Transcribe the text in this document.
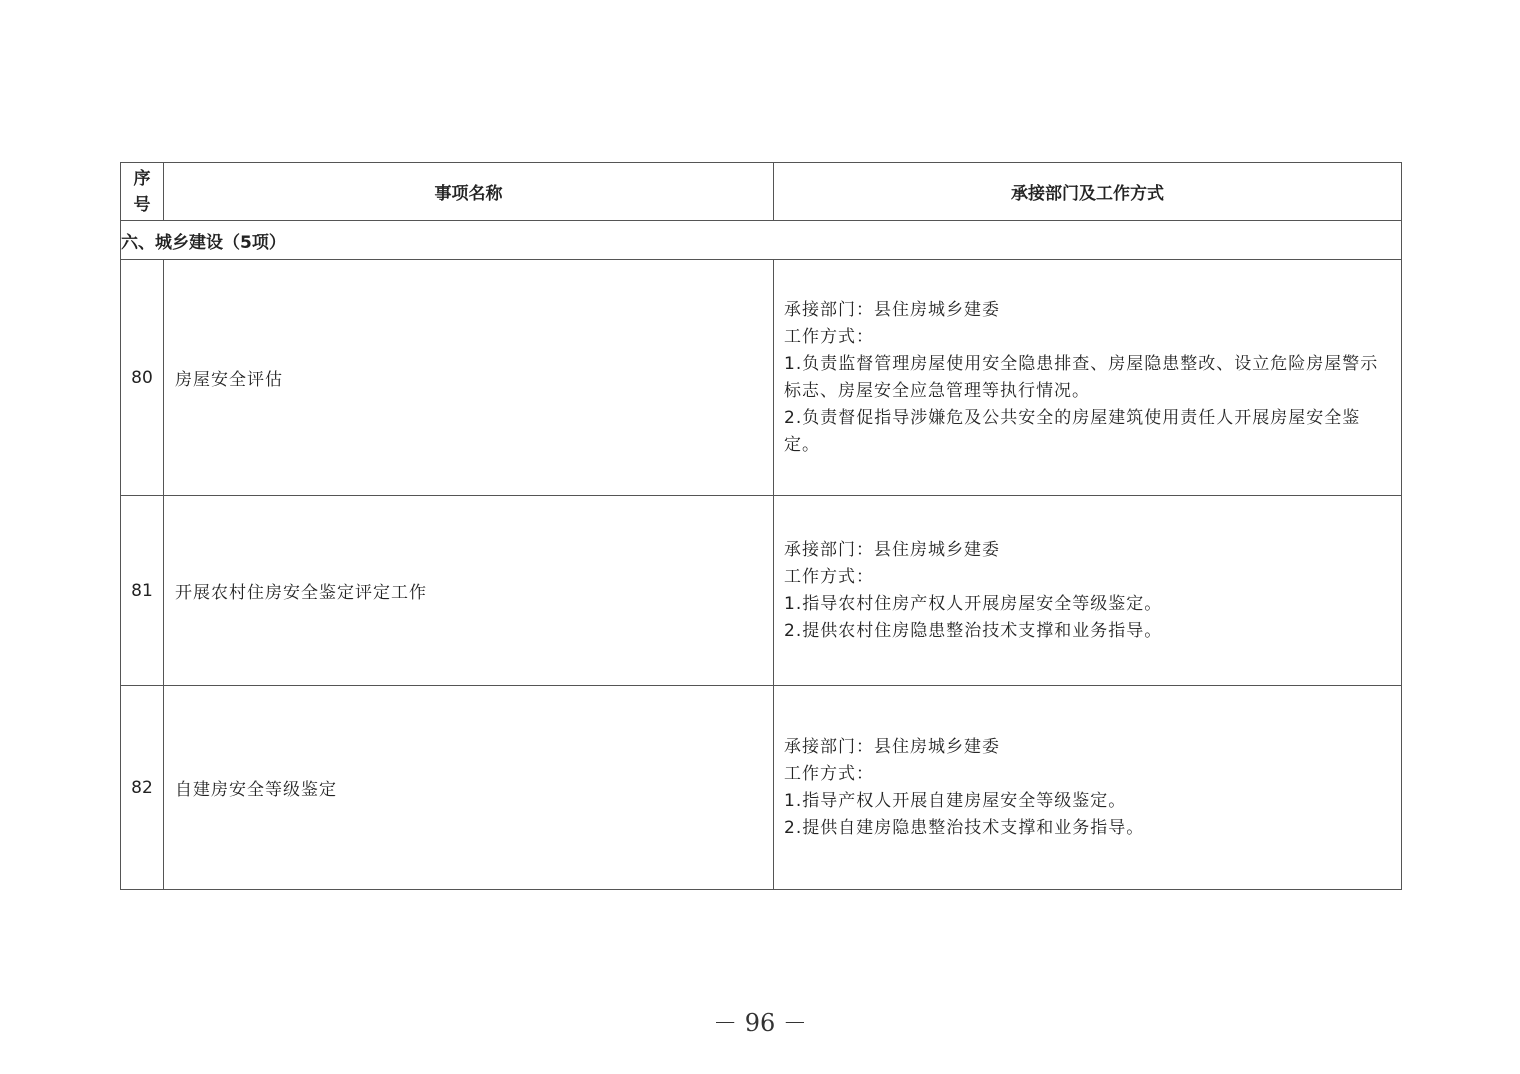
序
号	事项名称	承接部门及工作方式
六、城乡建设（5项）		
80	房屋安全评估	承接部门：县住房城乡建委
工作方式：
1.负责监督管理房屋使用安全隐患排查、房屋隐患整改、设立危险房屋警示标志、房屋安全应急管理等执行情况。
2.负责督促指导涉嫌危及公共安全的房屋建筑使用责任人开展房屋安全鉴定。

81	开展农村住房安全鉴定评定工作	承接部门：县住房城乡建委
工作方式：
1.指导农村住房产权人开展房屋安全等级鉴定。
2.提供农村住房隐患整治技术支撑和业务指导。

82	自建房安全等级鉴定	承接部门：县住房城乡建委
工作方式：
1.指导产权人开展自建房屋安全等级鉴定。
2.提供自建房隐患整治技术支撑和业务指导。
－ 96 －
